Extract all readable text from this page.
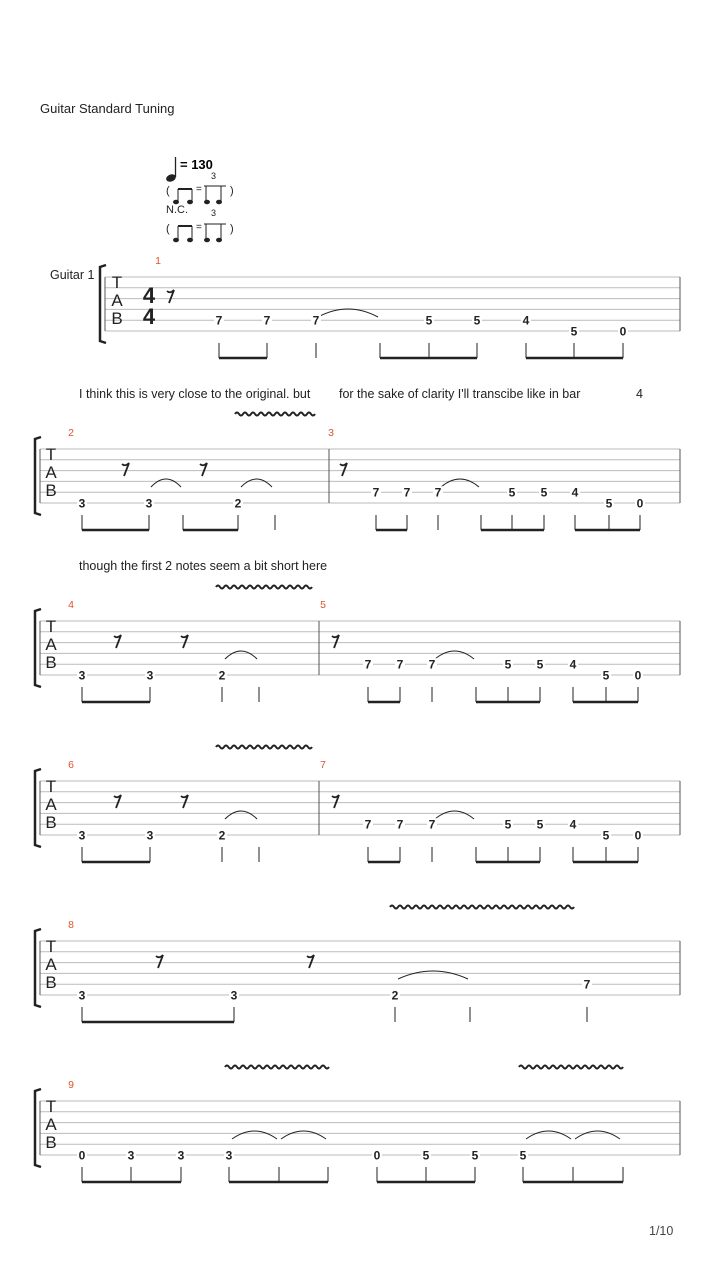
Guitar Standard Tuning
= 130
3
(	)
=
N.C.	3
(	)
=
Guitar 1
1/10
I think this is very close to the original. but for the sake of clarity I'll transcibe like in bar	4
though the first 2 notes seem a bit short here
T
A
B
1
4
4	7	7	7	5	5	4
5	0
T
A
B
2	3
3	3	2
7 7 7	5 5 4
5 0
T
A
B
4	5
3	3	2
7 7 7	5 5 4
5 0
T
A
B
6	7
3	3	2
7 7 7	5 5 4
5 0
T
A
B
8
3	3	2
7
T
A
B
9
0	3	3	3	0	5	5	5
